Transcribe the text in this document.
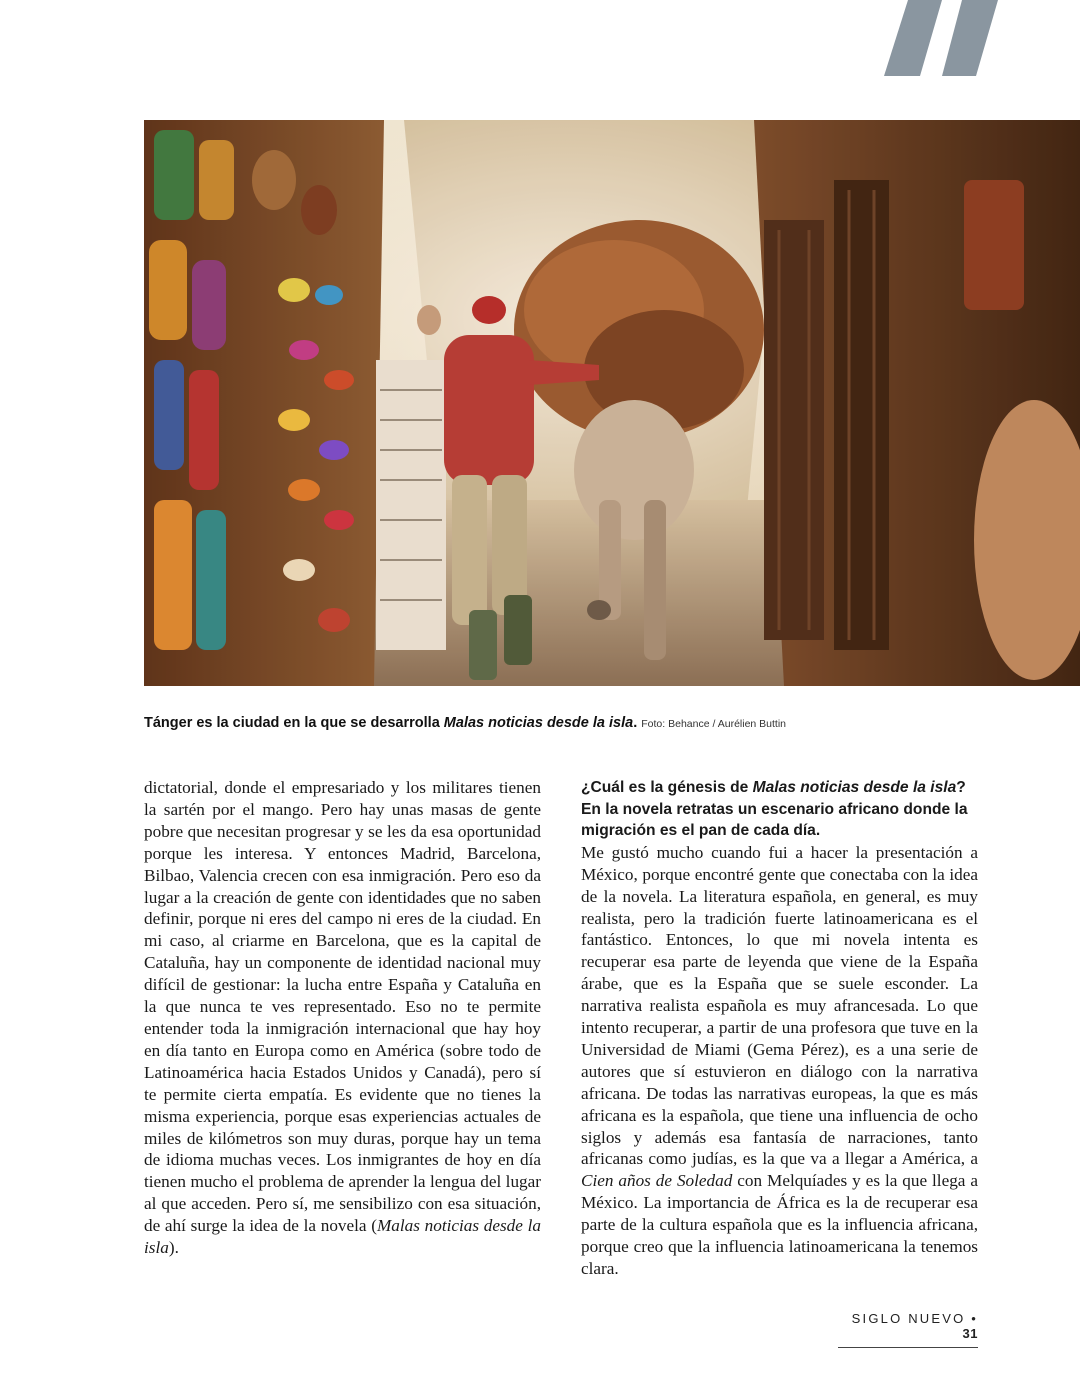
Tánger es la ciudad en la que se desarrolla Malas noticias desde la isla. Foto: Behance / Aurélien Buttin

dictatorial, donde el empresariado y los militares tienen la sartén por el mango. Pero hay unas masas de gente pobre que necesitan progresar y se les da esa oportunidad porque les interesa. Y entonces Madrid, Barcelona, Bilbao, Valencia crecen con esa inmigración. Pero eso da lugar a la creación de gente con identidades que no saben definir, porque ni eres del campo ni eres de la ciudad. En mi caso, al criarme en Barcelona, que es la capital de Cataluña, hay un componente de identidad nacional muy difícil de gestionar: la lucha entre España y Cataluña en la que nunca te ves representado. Eso no te permite entender toda la inmigración internacional que hay hoy en día tanto en Europa como en América (sobre todo de Latinoamérica hacia Estados Unidos y Canadá), pero sí te permite cierta empatía. Es evidente que no tienes la misma experiencia, porque esas experiencias actuales de miles de kilómetros son muy duras, porque hay un tema de idioma muchas veces. Los inmigrantes de hoy en día tienen mucho el problema de aprender la lengua del lugar al que acceden. Pero sí, me sensibilizo con esa situación, de ahí surge la idea de la novela (Malas noticias desde la isla).

¿Cuál es la génesis de Malas noticias desde la isla? En la novela retratas un escenario africano donde la migración es el pan de cada día.

Me gustó mucho cuando fui a hacer la presentación a México, porque encontré gente que conectaba con la idea de la novela. La literatura española, en general, es muy realista, pero la tradición fuerte latinoamericana es el fantástico. Entonces, lo que mi novela intenta es recuperar esa parte de leyenda que viene de la España árabe, que es la España que se suele esconder. La narrativa realista española es muy afrancesada. Lo que intento recuperar, a partir de una profesora que tuve en la Universidad de Miami (Gema Pérez), es a una serie de autores que sí estuvieron en diálogo con la narrativa africana. De todas las narrativas europeas, la que es más africana es la española, que tiene una influencia de ocho siglos y además esa fantasía de narraciones, tanto africanas como judías, es la que va a llegar a América, a Cien años de Soledad con Melquíades y es la que llega a México. La importancia de África es la de recuperar esa parte de la cultura española que es la influencia africana, porque creo que la influencia latinoamericana la tenemos clara.

SIGLO NUEVO • 31
